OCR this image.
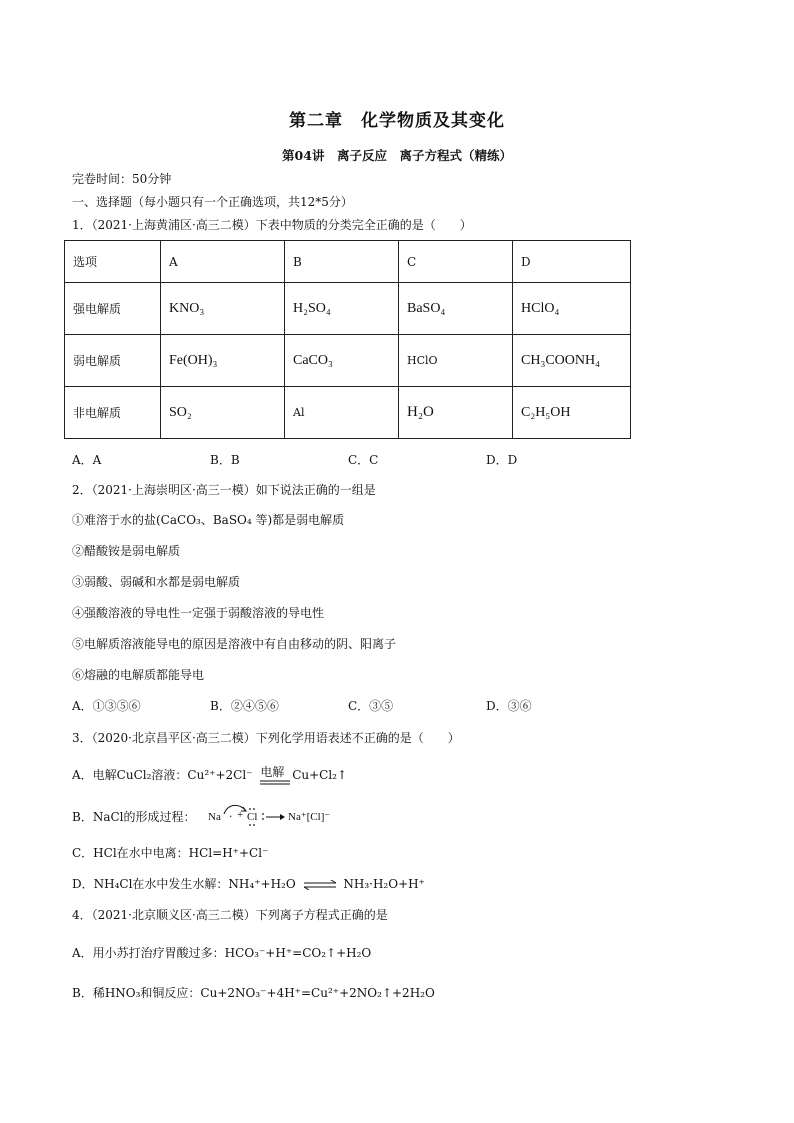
第二章　化学物质及其变化
第04讲　离子反应　离子方程式（精练）
完卷时间：50分钟
一、选择题（每小题只有一个正确选项，共12*5分）
1．（2021·上海黄浦区·高三二模）下表中物质的分类完全正确的是（　　）
选项	A	B	C	D
强电解质	KNO₃	H₂SO₄	BaSO₄	HClO₄
弱电解质	Fe(OH)₃	CaCO₃	HClO	CH₃COONH₄
非电解质	SO₂	Al	H₂O	C₂H₅OH
A．A	B．B	C．C	D．D
2．（2021·上海崇明区·高三一模）如下说法正确的一组是
①难溶于水的盐(CaCO₃、BaSO₄ 等)都是弱电解质
②醋酸铵是弱电解质
③弱酸、弱碱和水都是弱电解质
④强酸溶液的导电性一定强于弱酸溶液的导电性
⑤电解质溶液能导电的原因是溶液中有自由移动的阴、阳离子
⑥熔融的电解质都能导电
A．①③⑤⑥	B．②④⑤⑥	C．③⑤	D．③⑥
3．（2020·北京昌平区·高三二模）下列化学用语表述不正确的是（　　）
A．电解CuCl₂溶液：Cu²⁺+2Cl⁻ 电解 Cu+Cl₂↑
B．NaCl的形成过程： Na · + Cl → Na⁺[Cl]⁻
C．HCl在水中电离：HCl=H⁺+Cl⁻
D．NH₄Cl在水中发生水解：NH₄⁺+H₂O ⇌ NH₃·H₂O+H⁺
4．（2021·北京顺义区·高三二模）下列离子方程式正确的是
A．用小苏打治疗胃酸过多：HCO₃⁻+H⁺=CO₂↑+H₂O
B．稀HNO₃和铜反应：Cu+2NO₃⁻+4H⁺=Cu²⁺+2NO₂↑+2H₂O
